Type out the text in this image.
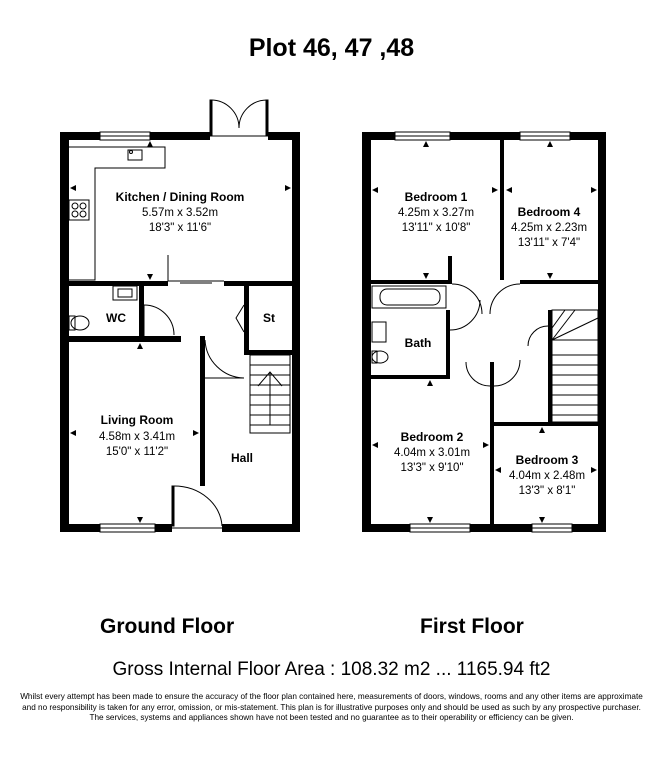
Plot 46, 47 ,48
Kitchen / Dining Room
5.57m x 3.52m
18'3" x 11'6"
WC	St
Living Room
4.58m x 3.41m
15'0" x 11'2"	Hall
Bedroom 1
4.25m x 3.27m
13'11" x 10'8"
Bedroom 4
4.25m x 2.23m
13'11" x 7'4"
Bath
Bedroom 2
4.04m x 3.01m
13'3" x 9'10"
Bedroom 3
4.04m x 2.48m
13'3" x 8'1"
Ground Floor	First Floor
Gross Internal Floor Area : 108.32 m2 ... 1165.94 ft2
Whilst every attempt has been made to ensure the accuracy of the floor plan contained here, measurements of doors, windows, rooms and any other items are approximate and no responsibility is taken for any error, omission, or mis-statement. This plan is for illustrative purposes only and should be used as such by any prospective purchaser. The services, systems and appliances shown have not been tested and no guarantee as to their operability or efficiency can be given.
